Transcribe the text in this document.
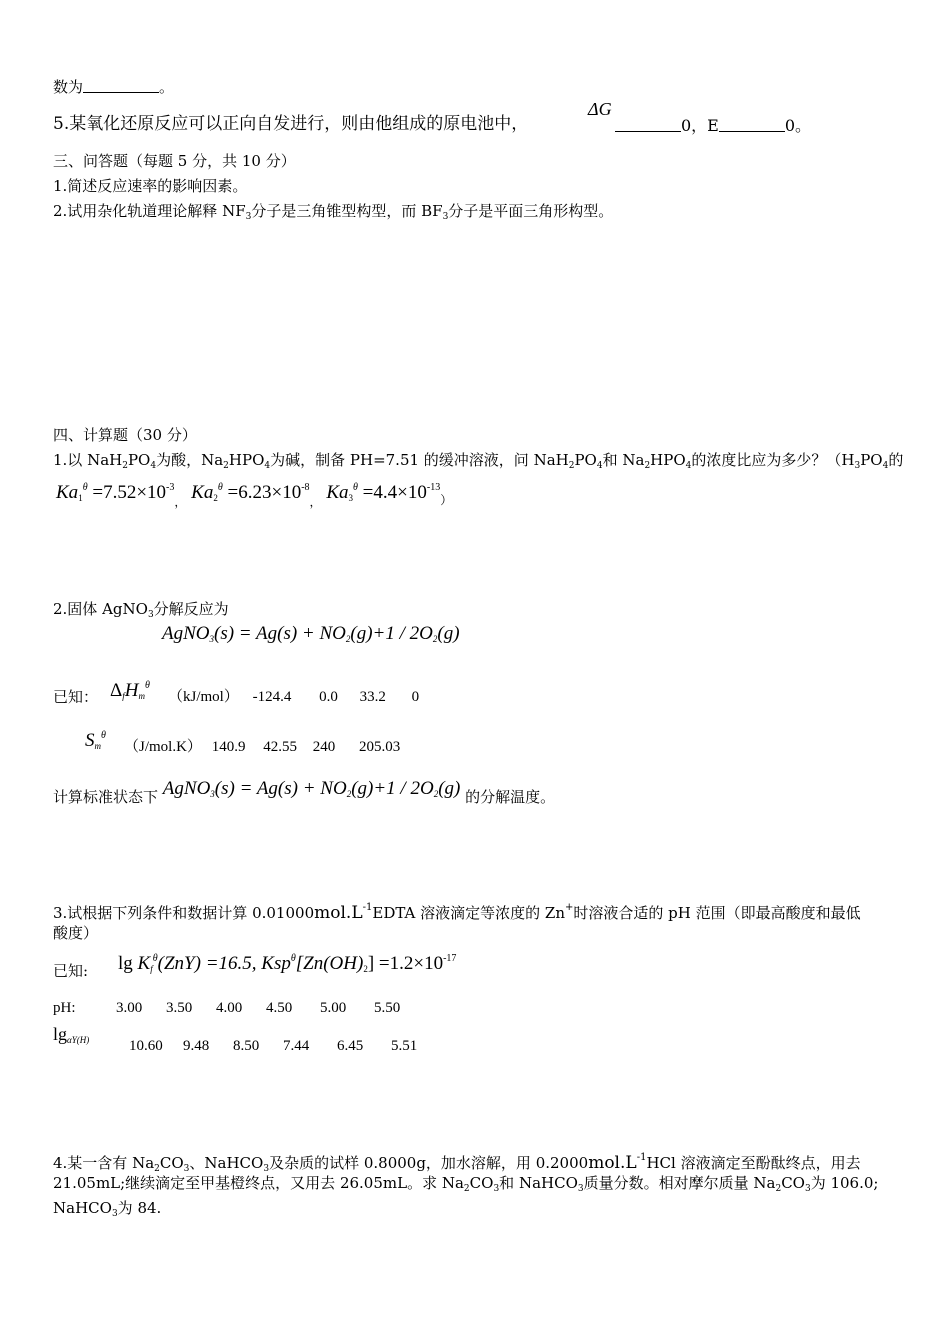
数为	。
5.某氧化还原反应可以正向自发进行，则由他组成的原电池中，
ΔG
0，E	0。
三、问答题（每题 5 分，共 10 分）
1.简述反应速率的影响因素。
2.试用杂化轨道理论解释 $NF_3$分子是三角锥型构型，而 $BF_3$分子是平面三角形构型。
四、计算题（30 分）
1.以 $NaH_2PO_4$为酸，$Na_2HPO_4$为碱，制备 PH=7.51 的缓冲溶液，问 $NaH_2PO_4$和 $Na_2HPO_4$的浓度比应为多少？（$H_3PO_4$的
$Ka_1^\theta =7.52\times 10^{-3}_,$ $Ka_2^\theta =6.23\times 10^{-8}_,$ $Ka_3^\theta =4.4\times 10^{-13}_)$
2.固体 AgNO$_3$分解反应为
AgNO$_3$(s) = $Ag(s) + NO_2(g)+1 / 2O_2(g)$
已知： $\Delta_fH_m^\theta$
（kJ/mol） -124.4 0.0 33.2 0
$S_m^\theta$
（J/mol.K） 140.9 42.55 240 205.03
计算标准状态下 AgNO$_3$(s) = $Ag(s) + NO_2(g)+1 / 2O_2(g)$ 的分解温度。
3.试根据下列条件和数据计算 $0.01000mol.L^{-1}EDTA$ 溶液滴定等浓度的 Zn+时溶液合适的 pH 范围（即最高酸度和最低
酸度）
已知: $\lg K_f^\theta(ZnY) =16.5$, $Ksp^\theta[Zn(OH)_2] =1.2\times 10^{-17}$
pH:	3.00 3.50 4.00 4.50 5.00 5.50
$\lg_{\alpha Y(H)}$	10.60 9.48 8.50 7.44 6.45 5.51
4.某一含有 $Na_2CO_3$、NaHCO$_3$及杂质的试样 0.8000g，加水溶解，用 $0.2000mol.L^{-1}HCl$ 溶液滴定至酚酞终点，用去
21.05mL;继续滴定至甲基橙终点，又用去 26.05mL。求 $Na_2CO_3$和 NaHCO$_3$质量分数。相对摩尔质量 $Na_2CO_3$为 106.0;
NaHCO$_3$为 84.
